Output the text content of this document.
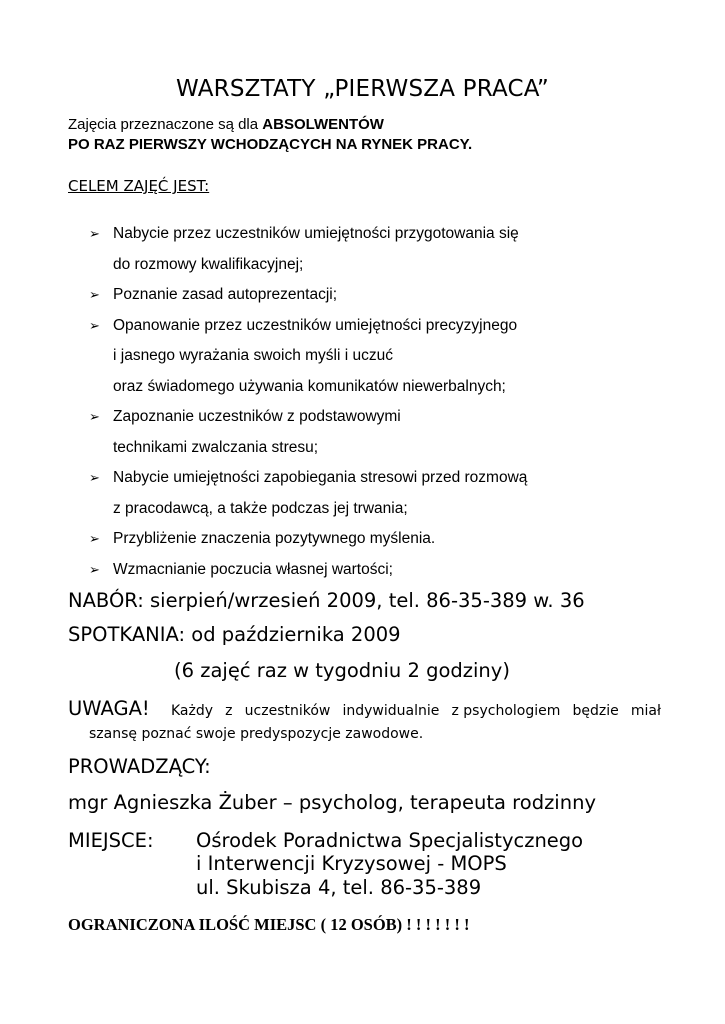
WARSZTATY „PIERWSZA PRACA”
Zajęcia przeznaczone są dla ABSOLWENTÓW
PO RAZ PIERWSZY WCHODZĄCYCH NA RYNEK PRACY.
CELEM ZAJĘĆ JEST:
➢ Nabycie przez uczestników umiejętności przygotowania się
do rozmowy kwalifikacyjnej;
➢ Poznanie zasad autoprezentacji;
➢ Opanowanie przez uczestników umiejętności precyzyjnego
i jasnego wyrażania swoich myśli i uczuć
oraz świadomego używania komunikatów niewerbalnych;
➢ Zapoznanie uczestników z podstawowymi
technikami zwalczania stresu;
➢ Nabycie umiejętności zapobiegania stresowi przed rozmową
z pracodawcą, a także podczas jej trwania;
➢ Przybliżenie znaczenia pozytywnego myślenia.
➢ Wzmacnianie poczucia własnej wartości;
NABÓR: sierpień/wrzesień 2009, tel. 86-35-389 w. 36
SPOTKANIA: od października 2009
(6 zajęć raz w tygodniu 2 godziny)
UWAGA! Każdy z uczestników indywidualnie z psychologiem będzie miał
szansę poznać swoje predyspozycje zawodowe.
PROWADZĄCY:
mgr Agnieszka Żuber – psycholog, terapeuta rodzinny
MIEJSCE: Ośrodek Poradnictwa Specjalistycznego
i Interwencji Kryzysowej - MOPS
ul. Skubisza 4, tel. 86-35-389
OGRANICZONA ILOŚĆ MIEJSC ( 12 OSÓB) ! ! ! ! ! ! !
